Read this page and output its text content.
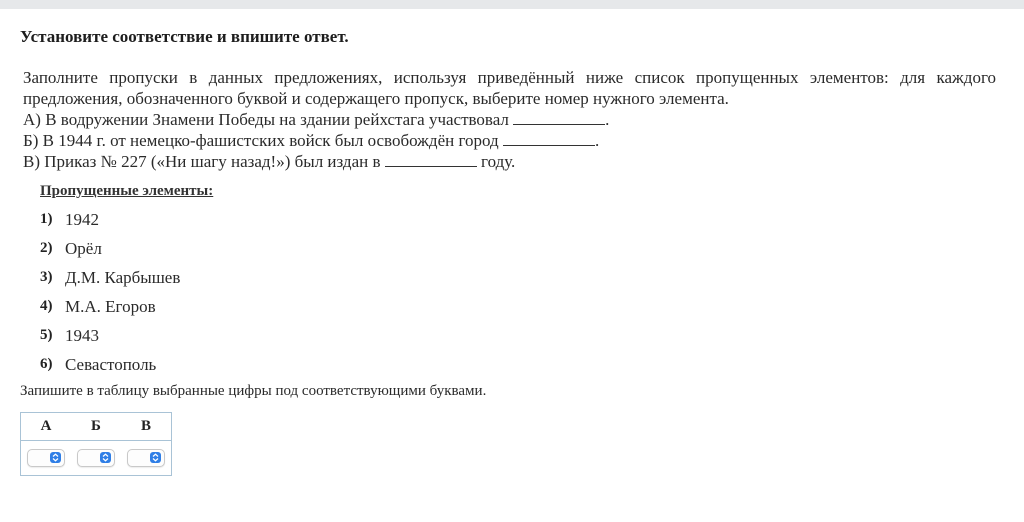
Установите соответствие и впишите ответ.
Заполните пропуски в данных предложениях, используя приведённый ниже список пропущенных элементов: для каждого предложения, обозначенного буквой и содержащего пропуск, выберите номер нужного элемента.
А) В водружении Знамени Победы на здании рейхстага участвовал	.
Б) В 1944 г. от немецко-фашистских войск был освобождён город	.
В) Приказ № 227 («Ни шагу назад!») был издан в	году.
Пропущенные элементы:
1) 1942
2) Орёл
3) Д.М. Карбышев
4) М.А. Егоров
5) 1943
6) Севастополь
Запишите в таблицу выбранные цифры под соответствующими буквами.
А	Б	В
